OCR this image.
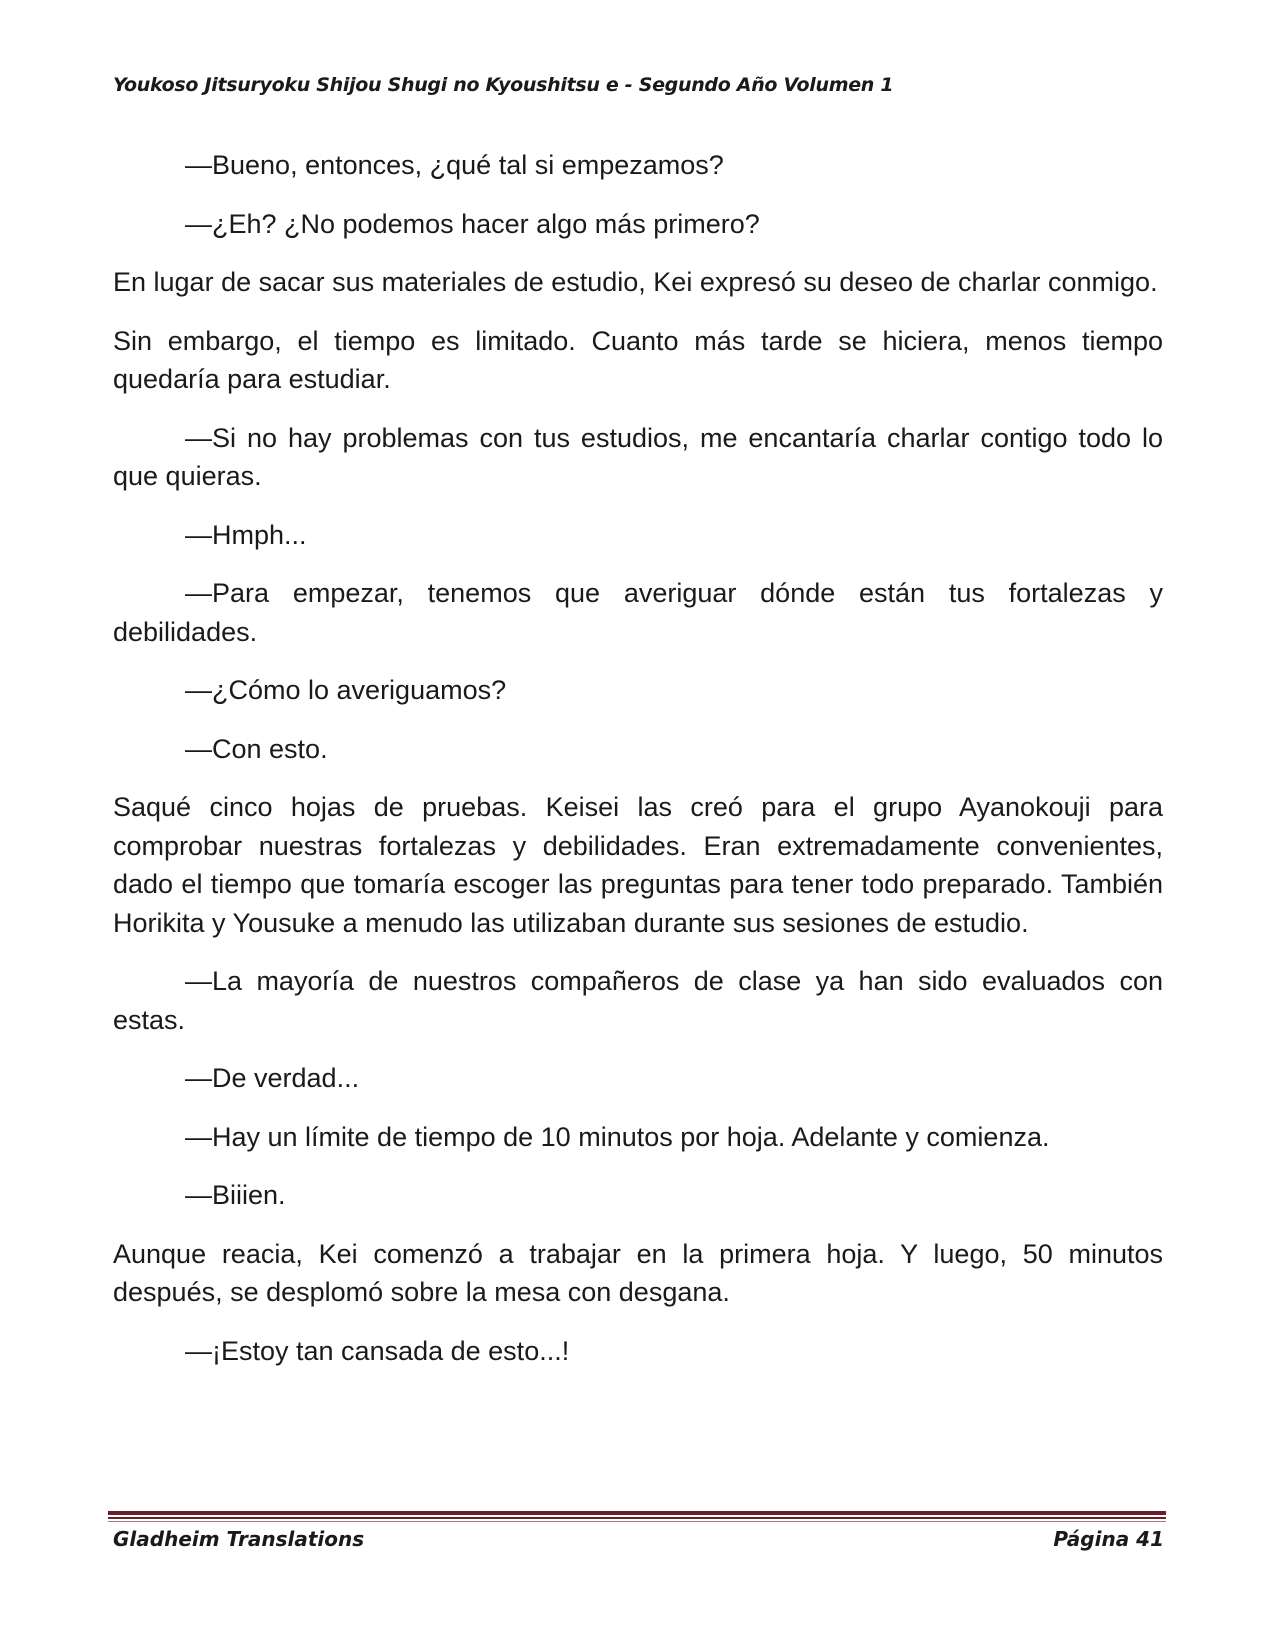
Youkoso Jitsuryoku Shijou Shugi no Kyoushitsu e - Segundo Año Volumen 1

—Bueno, entonces, ¿qué tal si empezamos?

—¿Eh? ¿No podemos hacer algo más primero?

En lugar de sacar sus materiales de estudio, Kei expresó su deseo de charlar conmigo.

Sin embargo, el tiempo es limitado. Cuanto más tarde se hiciera, menos tiempo quedaría para estudiar.

—Si no hay problemas con tus estudios, me encantaría charlar contigo todo lo que quieras.

—Hmph...

—Para empezar, tenemos que averiguar dónde están tus fortalezas y debilidades.

—¿Cómo lo averiguamos?

—Con esto.

Saqué cinco hojas de pruebas. Keisei las creó para el grupo Ayanokouji para comprobar nuestras fortalezas y debilidades. Eran extremadamente convenientes, dado el tiempo que tomaría escoger las preguntas para tener todo preparado. También Horikita y Yousuke a menudo las utilizaban durante sus sesiones de estudio.

—La mayoría de nuestros compañeros de clase ya han sido evaluados con estas.

—De verdad...

—Hay un límite de tiempo de 10 minutos por hoja. Adelante y comienza.

—Biiien.

Aunque reacia, Kei comenzó a trabajar en la primera hoja. Y luego, 50 minutos después, se desplomó sobre la mesa con desgana.

—¡Estoy tan cansada de esto...!

Gladheim Translations	Página 41
